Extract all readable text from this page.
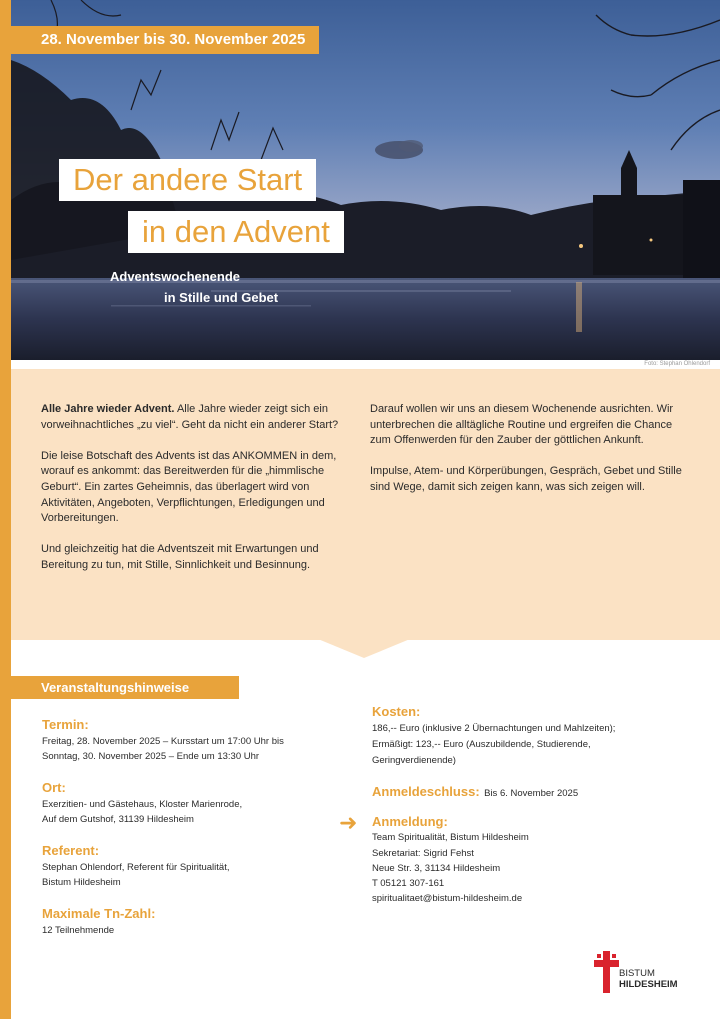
28. November bis 30. November 2025
Der andere Start
in den Advent
Adventswochenende
in Stille und Gebet
Foto: Stephan Ohlendorf

Alle Jahre wieder Advent. Alle Jahre wieder zeigt sich ein vorweihnachtliches „zu viel“. Geht da nicht ein anderer Start?

Die leise Botschaft des Advents ist das ANKOMMEN in dem, worauf es ankommt: das Bereitwerden für die „himmlische Geburt“. Ein zartes Geheimnis, das überlagert wird von Aktivitäten, Angeboten, Verpflichtungen, Erledigungen und Vorbereitungen.

Und gleichzeitig hat die Adventszeit mit Erwartungen und Bereitung zu tun, mit Stille, Sinnlichkeit und Besinnung.

Darauf wollen wir uns an diesem Wochenende ausrichten. Wir unterbrechen die alltägliche Routine und ergreifen die Chance zum Offenwerden für den Zauber der göttlichen Ankunft.

Impulse, Atem- und Körperübungen, Gespräch, Gebet und Stille sind Wege, damit sich zeigen kann, was sich zeigen will.

Veranstaltungshinweise
Termin:
Freitag, 28. November 2025 – Kursstart um 17:00 Uhr bis
Sonntag, 30. November 2025 – Ende um 13:30 Uhr
Ort:
Exerzitien- und Gästehaus, Kloster Marienrode,
Auf dem Gutshof, 31139 Hildesheim
Referent:
Stephan Ohlendorf, Referent für Spiritualität,
Bistum Hildesheim
Maximale Tn-Zahl:
12 Teilnehmende
Kosten:
186,-- Euro (inklusive 2 Übernachtungen und Mahlzeiten);
Ermäßigt: 123,-- Euro (Auszubildende, Studierende,
Geringverdienende)
Anmeldeschluss: Bis 6. November 2025
➜ Anmeldung:
Team Spiritualität, Bistum Hildesheim
Sekretariat: Sigrid Fehst
Neue Str. 3, 31134 Hildesheim
T 05121 307-161
spiritualitaet@bistum-hildesheim.de
BISTUM
HILDESHEIM
